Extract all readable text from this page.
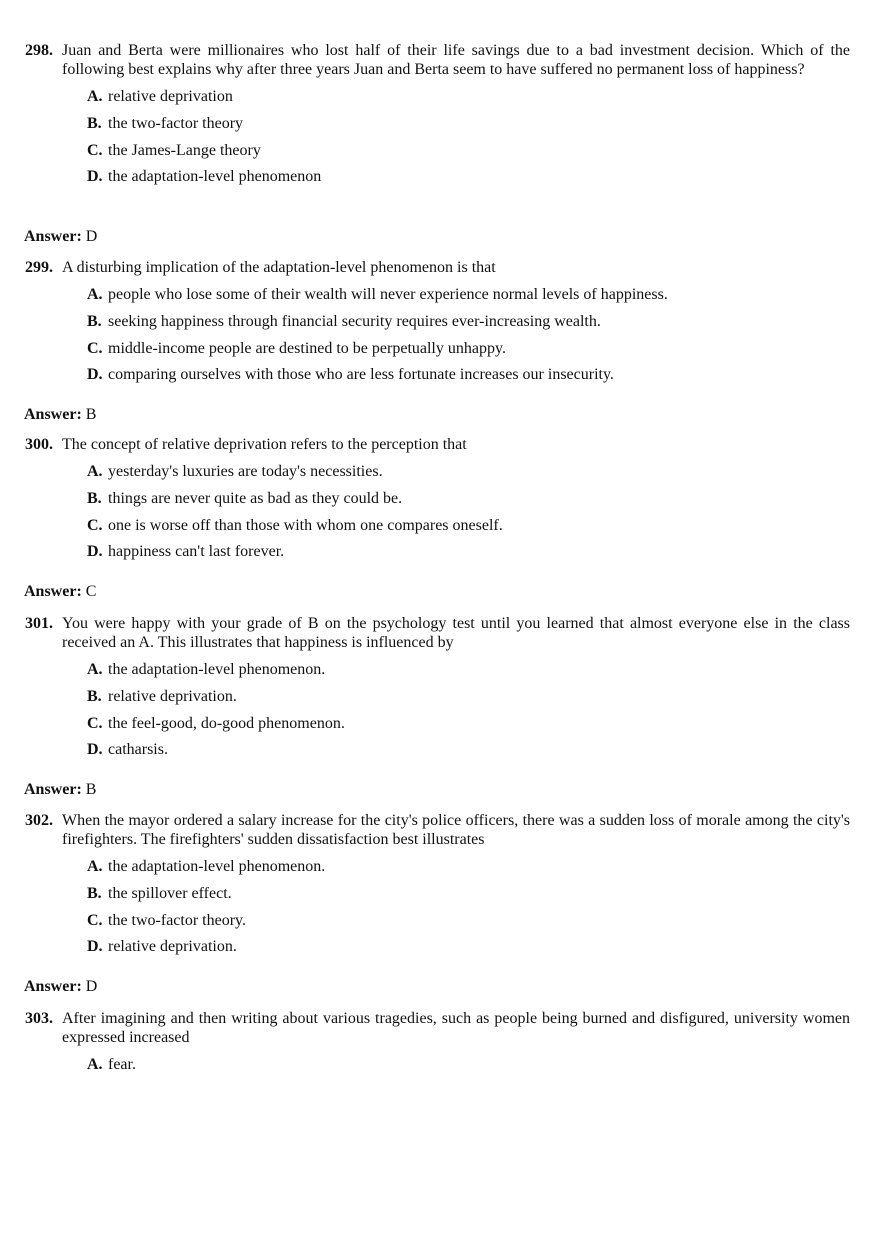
298. Juan and Berta were millionaires who lost half of their life savings due to a bad investment decision. Which of the following best explains why after three years Juan and Berta seem to have suffered no permanent loss of happiness?
A. relative deprivation
B. the two-factor theory
C. the James-Lange theory
D. the adaptation-level phenomenon
Answer: D
299. A disturbing implication of the adaptation-level phenomenon is that
A. people who lose some of their wealth will never experience normal levels of happiness.
B. seeking happiness through financial security requires ever-increasing wealth.
C. middle-income people are destined to be perpetually unhappy.
D. comparing ourselves with those who are less fortunate increases our insecurity.
Answer: B
300. The concept of relative deprivation refers to the perception that
A. yesterday's luxuries are today's necessities.
B. things are never quite as bad as they could be.
C. one is worse off than those with whom one compares oneself.
D. happiness can't last forever.
Answer: C
301. You were happy with your grade of B on the psychology test until you learned that almost everyone else in the class received an A. This illustrates that happiness is influenced by
A. the adaptation-level phenomenon.
B. relative deprivation.
C. the feel-good, do-good phenomenon.
D. catharsis.
Answer: B
302. When the mayor ordered a salary increase for the city's police officers, there was a sudden loss of morale among the city's firefighters. The firefighters' sudden dissatisfaction best illustrates
A. the adaptation-level phenomenon.
B. the spillover effect.
C. the two-factor theory.
D. relative deprivation.
Answer: D
303. After imagining and then writing about various tragedies, such as people being burned and disfigured, university women expressed increased
A. fear.
